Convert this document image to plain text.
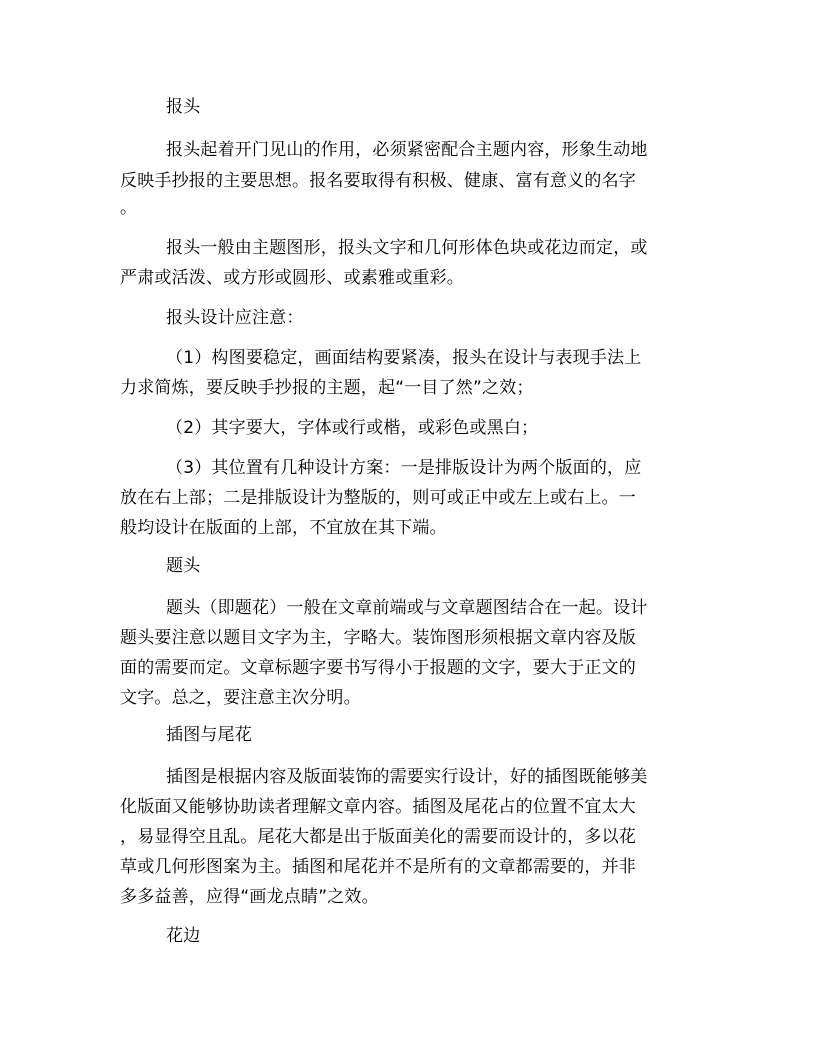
报头
报头起着开门见山的作用，必须紧密配合主题内容，形象生动地
反映手抄报的主要思想。报名要取得有积极、健康、富有意义的名字
。
报头一般由主题图形，报头文字和几何形体色块或花边而定，或
严肃或活泼、或方形或圆形、或素雅或重彩。
报头设计应注意：
（1）构图要稳定，画面结构要紧凑，报头在设计与表现手法上
力求简炼，要反映手抄报的主题，起“一目了然”之效；
（2）其字要大，字体或行或楷，或彩色或黑白；
（3）其位置有几种设计方案：一是排版设计为两个版面的，应
放在右上部；二是排版设计为整版的，则可或正中或左上或右上。一
般均设计在版面的上部，不宜放在其下端。
题头
题头（即题花）一般在文章前端或与文章题图结合在一起。设计
题头要注意以题目文字为主，字略大。装饰图形须根据文章内容及版
面的需要而定。文章标题字要书写得小于报题的文字，要大于正文的
文字。总之，要注意主次分明。
插图与尾花
插图是根据内容及版面装饰的需要实行设计，好的插图既能够美
化版面又能够协助读者理解文章内容。插图及尾花占的位置不宜太大
，易显得空且乱。尾花大都是出于版面美化的需要而设计的，多以花
草或几何形图案为主。插图和尾花并不是所有的文章都需要的，并非
多多益善，应得“画龙点睛”之效。
花边
